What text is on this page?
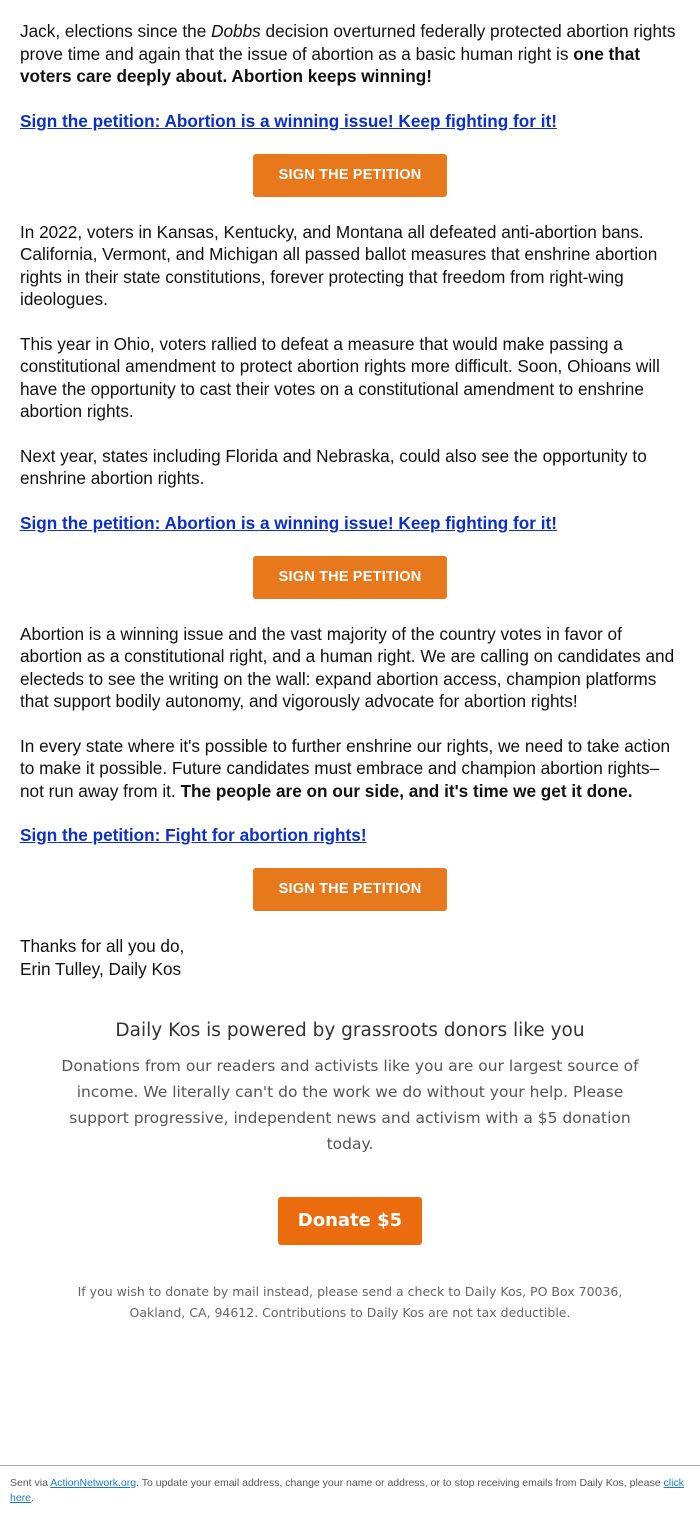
Jack, elections since the Dobbs decision overturned federally protected abortion rights prove time and again that the issue of abortion as a basic human right is one that voters care deeply about. Abortion keeps winning!

Sign the petition: Abortion is a winning issue! Keep fighting for it!
SIGN THE PETITION

In 2022, voters in Kansas, Kentucky, and Montana all defeated anti-abortion bans. California, Vermont, and Michigan all passed ballot measures that enshrine abortion rights in their state constitutions, forever protecting that freedom from right-wing ideologues.

This year in Ohio, voters rallied to defeat a measure that would make passing a constitutional amendment to protect abortion rights more difficult. Soon, Ohioans will have the opportunity to cast their votes on a constitutional amendment to enshrine abortion rights.

Next year, states including Florida and Nebraska, could also see the opportunity to enshrine abortion rights.

Sign the petition: Abortion is a winning issue! Keep fighting for it!
SIGN THE PETITION

Abortion is a winning issue and the vast majority of the country votes in favor of abortion as a constitutional right, and a human right. We are calling on candidates and electeds to see the writing on the wall: expand abortion access, champion platforms that support bodily autonomy, and vigorously advocate for abortion rights!

In every state where it's possible to further enshrine our rights, we need to take action to make it possible. Future candidates must embrace and champion abortion rights–not run away from it. The people are on our side, and it's time we get it done.

Sign the petition: Fight for abortion rights!
SIGN THE PETITION

Thanks for all you do,
Erin Tulley, Daily Kos

Daily Kos is powered by grassroots donors like you

Donations from our readers and activists like you are our largest source of income. We literally can't do the work we do without your help. Please support progressive, independent news and activism with a $5 donation today.

Donate $5

If you wish to donate by mail instead, please send a check to Daily Kos, PO Box 70036, Oakland, CA, 94612. Contributions to Daily Kos are not tax deductible.

Sent via ActionNetwork.org. To update your email address, change your name or address, or to stop receiving emails from Daily Kos, please click here.
